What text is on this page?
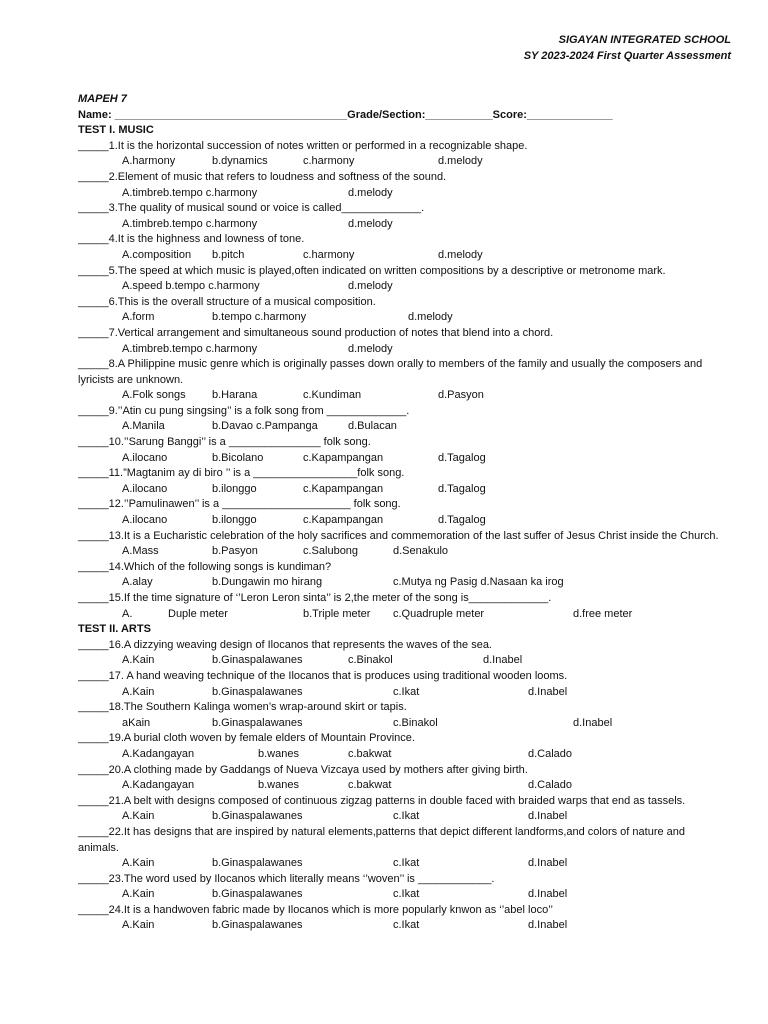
SIGAYAN INTEGRATED SCHOOL
SY 2023-2024 First Quarter Assessment
MAPEH 7
Name: ______________________________________Grade/Section:___________Score:______________
TEST I. MUSIC
_____1.It is the horizontal succession of notes written or performed in a recognizable shape.
A.harmony	b.dynamics	c.harmony	d.melody
_____2.Element of music that refers to loudness and softness of the sound.
A.timbreb.tempo c.harmony	d.melody
_____3.The quality of musical sound or voice is called_____________.
A.timbreb.tempo c.harmony	d.melody
_____4.It is the highness and lowness of tone.
A.composition b.pitch	c.harmony	d.melody
_____5.The speed at which music is played,often indicated on written compositions by a descriptive or metronome mark.
A.speed b.tempo c.harmony	d.melody
_____6.This is the overall structure of a musical composition.
A.form	b.tempo c.harmony	d.melody
_____7.Vertical arrangement and simultaneous sound production of notes that blend into a chord.
A.timbreb.tempo c.harmony	d.melody
_____8.A Philippine music genre which is originally passes down orally to members of the family and usually the composers and lyricists are unknown.
A.Folk songs b.Harana	c.Kundiman	d.Pasyon
_____9.’’Atin cu pung singsing’’ is a folk song from _____________.
A.Manila	b.Davao c.Pampanga	d.Bulacan
_____10.’’Sarung Banggi’’ is a _______________ folk song.
A.ilocano	b.Bicolano	c.Kapampangan	d.Tagalog
_____11.”Magtanim ay di biro ’’ is a _________________folk song.
A.ilocano	b.ilonggo	c.Kapampangan	d.Tagalog
_____12.’’Pamulinawen’’ is a _____________________ folk song.
A.ilocano	b.ilonggo	c.Kapampangan	d.Tagalog
_____13.It is a Eucharistic celebration of the holy sacrifices and commemoration of the last suffer of Jesus Christ inside the Church.
A.Mass	b.Pasyon	c.Salubong	d.Senakulo
_____14.Which of the following songs is kundiman?
A.alay	b.Dungawin mo hirang	c.Mutya ng Pasig d.Nasaan ka irog
_____15.If the time signature of ‘’Leron Leron sinta’’ is 2,the meter of the song is_____________.
A.	Duple meter	b.Triple meter c.Quadruple meter	d.free meter
TEST II. ARTS
_____16.A dizzying weaving design of Ilocanos that represents the waves of the sea.
A.Kain	b.Ginaspalawanes	c.Binakol	d.Inabel
_____17. A hand weaving technique of the Ilocanos that is produces using traditional wooden looms.
A.Kain	b.Ginaspalawanes	c.Ikat	d.Inabel
_____18.The Southern Kalinga women’s wrap-around skirt or tapis.
aKain	b.Ginaspalawanes	c.Binakol	d.Inabel
_____19.A burial cloth woven by female elders of Mountain Province.
A.Kadangayan	b.wanes	c.bakwat	d.Calado
_____20.A clothing made by Gaddangs of Nueva Vizcaya used by mothers after giving birth.
A.Kadangayan	b.wanes	c.bakwat	d.Calado
_____21.A belt with designs composed of continuous zigzag patterns in double faced with braided warps that end as tassels.
A.Kain	b.Ginaspalawanes	c.Ikat	d.Inabel
_____22.It has designs that are inspired by natural elements,patterns that depict different landforms,and colors of nature and animals.
A.Kain	b.Ginaspalawanes	c.Ikat	d.Inabel
_____23.The word used by Ilocanos which literally means ‘’woven’’ is ____________.
A.Kain	b.Ginaspalawanes	c.Ikat	d.Inabel
_____24.It is a handwoven fabric made by Ilocanos which is more popularly knwon as ‘’abel loco’’
A.Kain	b.Ginaspalawanes	c.Ikat	d.Inabel
